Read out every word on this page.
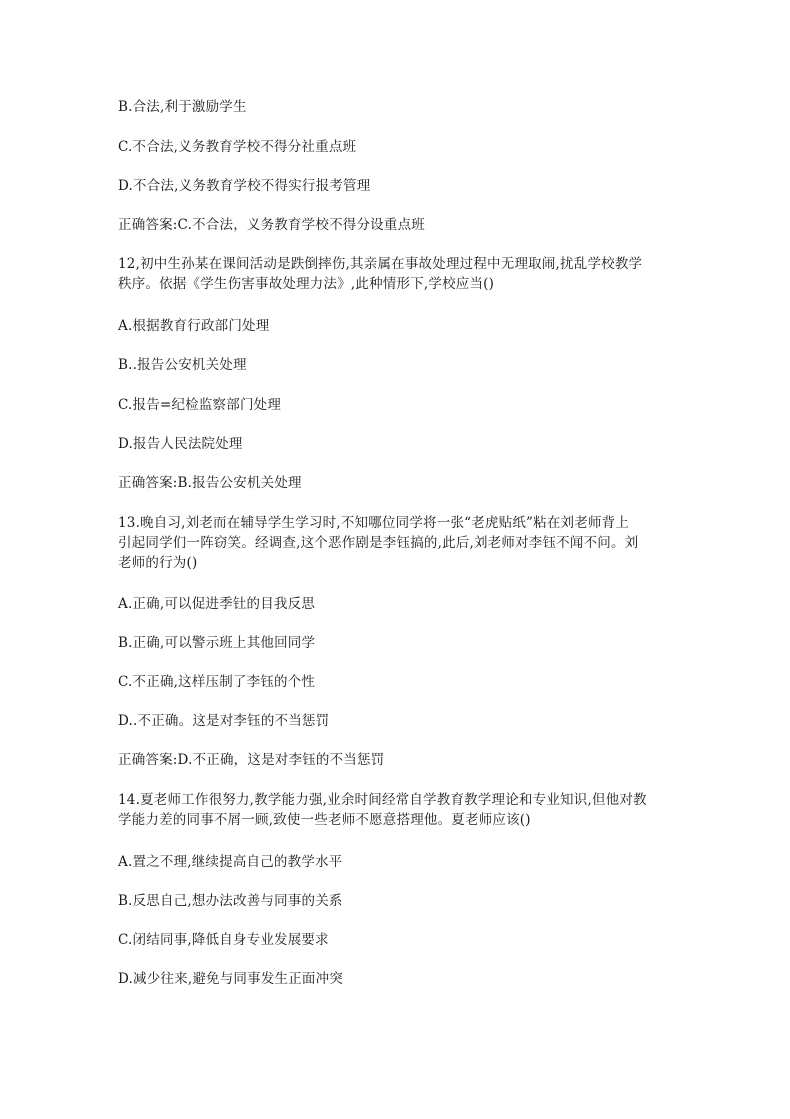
B.合法,利于激励学生
C.不合法,义务教育学校不得分社重点班
D.不合法,义务教育学校不得实行报考管理
正确答案:C.不合法，义务教育学校不得分设重点班
12,初中生孙某在课间活动是跌倒摔伤,其亲属在事故处理过程中无理取闹,扰乱学校教学
秩序。依据《学生伤害事故处理力法》,此种情形下,学校应当()
A.根据教育行政部门处理
B..报告公安机关处理
C.报告=纪检监察部门处理
D.报告人民法院处理
正确答案:B.报告公安机关处理
13.晚自习,刘老而在辅导学生学习时,不知哪位同学将一张“老虎贴纸”粘在刘老师背上
引起同学们一阵窃笑。经调查,这个恶作剧是李钰搞的,此后,刘老师对李钰不闻不问。刘
老师的行为()
A.正确,可以促进季钍的目我反思
B.正确,可以警示班上其他回同学
C.不正确,这样压制了李钰的个性
D..不正确。这是对李钰的不当惩罚
正确答案:D.不正确，这是对李钰的不当惩罚
14.夏老师工作很努力,教学能力强,业余时间经常自学教育教学理论和专业知识,但他对教
学能力差的同事不屑一顾,致使一些老师不愿意搭理他。夏老师应该()
A.置之不理,继续提高自己的教学水平
B.反思自己,想办法改善与同事的关系
C.闭结同事,降低自身专业发展要求
D.减少往来,避免与同事发生正面冲突
